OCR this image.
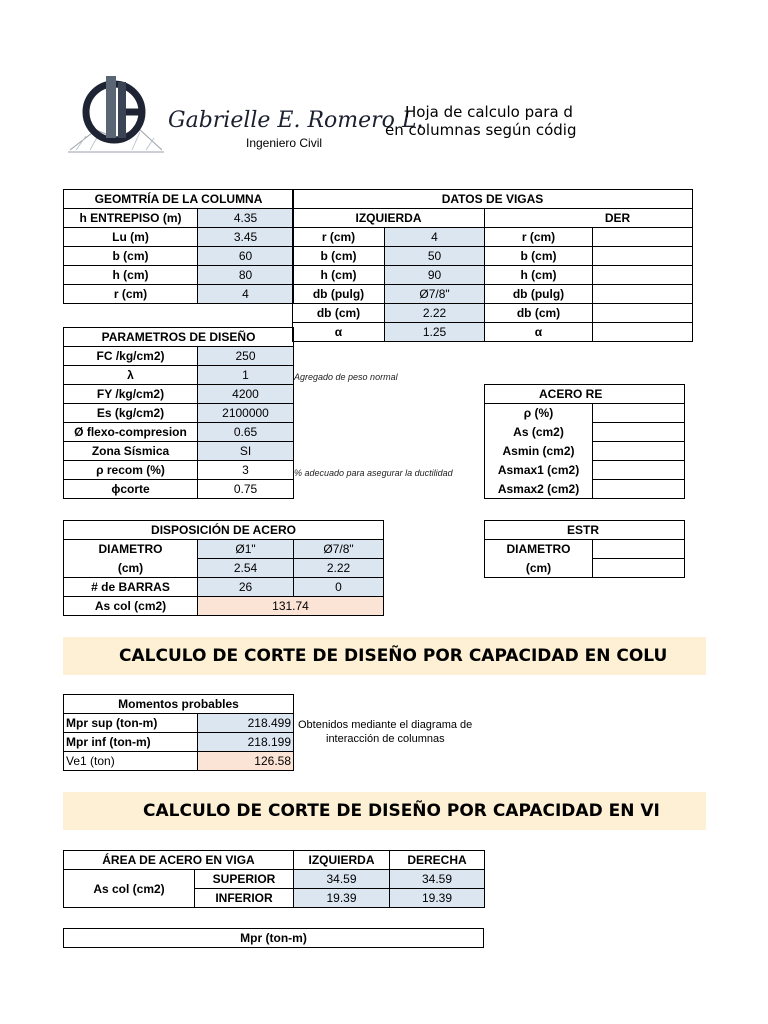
Gabrielle E. Romero L.
Ingeniero Civil
Hoja de calculo para d
en columnas según códig
GEOMTRÍA DE LA COLUMNA	
h ENTREPISO (m)	4.35
Lu (m)	3.45
b (cm)	60
h (cm)	80
r (cm)	4
DATOS DE VIGAS			
IZQUIERDA		DER	
r (cm)	4	r (cm)	
b (cm)	50	b (cm)	
h (cm)	90	h (cm)	
db (pulg)	Ø7/8"	db (pulg)	
db (cm)	2.22	db (cm)	
α	1.25	α	
PARAMETROS DE DISEÑO	
FC /kg/cm2)	250
λ	1
FY /kg/cm2)	4200
Es (kg/cm2)	2100000
Ø flexo-compresion	0.65
Zona Sísmica	SI
ρ recom (%)	3
ϕcorte	0.75
Agregado de peso normal
% adecuado para asegurar la ductilidad
ACERO RE	
ρ (%)	
As (cm2)	
Asmin (cm2)	
Asmax1 (cm2)	
Asmax2 (cm2)	
DISPOSICIÓN DE ACERO		
DIAMETRO	Ø1"	Ø7/8"
(cm)	2.54	2.22
# de BARRAS	26	0
As col (cm2)	131.74	
ESTR	
DIAMETRO	
(cm)	
Momentos probables	
Mpr sup (ton-m)	218.499
Mpr inf (ton-m)	218.199
Ve1 (ton)	126.58
Obtenidos mediante el diagrama de
interacción de columnas
ÁREA DE ACERO EN VIGA		IZQUIERDA	DERECHA
As col (cm2)	SUPERIOR	34.59	34.59
	INFERIOR	19.39	19.39
Mpr (ton-m)
CALCULO DE CORTE DE DISEÑO POR CAPACIDAD EN COLU
CALCULO DE CORTE DE DISEÑO POR CAPACIDAD EN VI
